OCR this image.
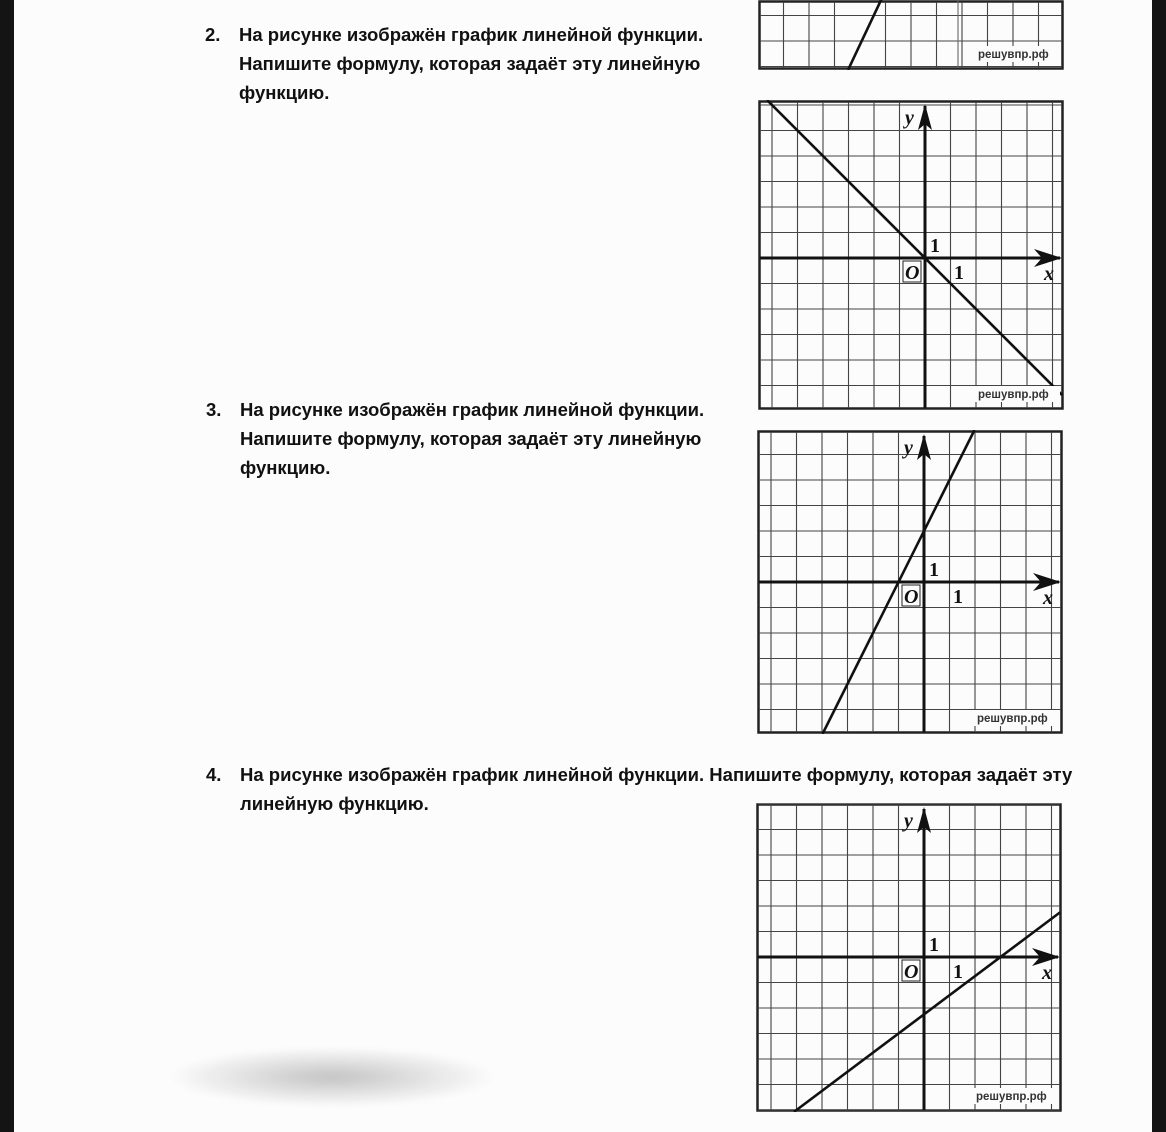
2. На рисунке изображён график линейной функции.
Напишите формулу, которая задаёт эту линейную
функцию.
3. На рисунке изображён график линейной функции.
Напишите формулу, которая задаёт эту линейную
функцию.
4. На рисунке изображён график линейной функции. Напишите формулу, которая задаёт эту
линейную функцию.
решувпр.рф
y
x
O
1
1
решувпр.рф
y
x
O
1
1
решувпр.рф
y
x
O
1
1
решувпр.рф
